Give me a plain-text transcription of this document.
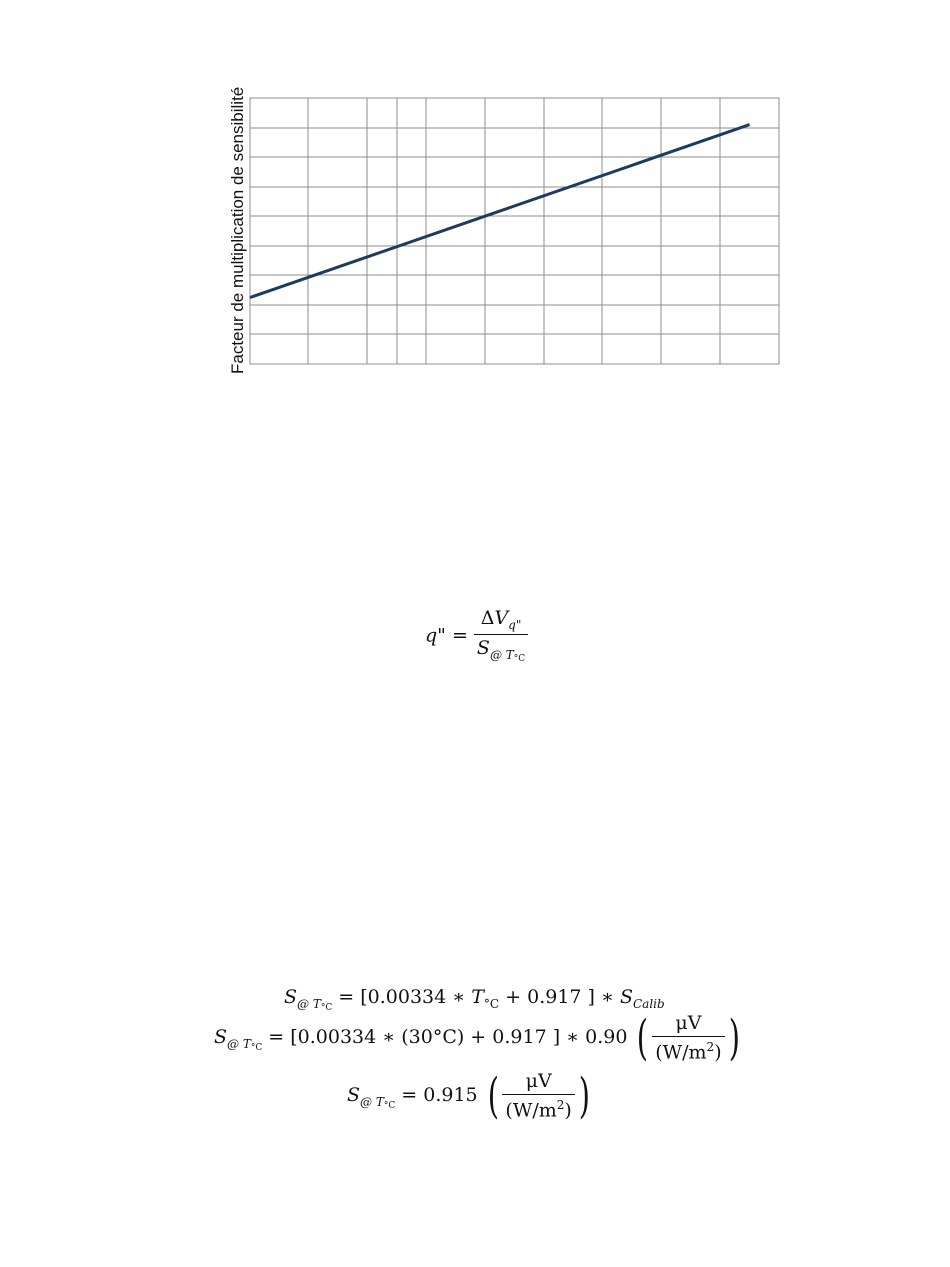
Facteur de multiplication de sensibilité
q" = $\frac{\Delta V_{q"}}{S_{@ T^\circ C}}$
$S_{@ T^\circ C} = [0.00334$ ∗ $T_{^\circ C} + 0.917$ ] ∗ $S_{Calib}$
$S_{@ T^\circ C} = [0.00334$ ∗ (30°C) + 0.917 ] ∗ 0.90 ( $\frac{\mu V}{(W/m^2)}$ )
$S_{@ T^\circ C} = 0.915$ ( $\frac{\mu V}{(W/m^2)}$ )
